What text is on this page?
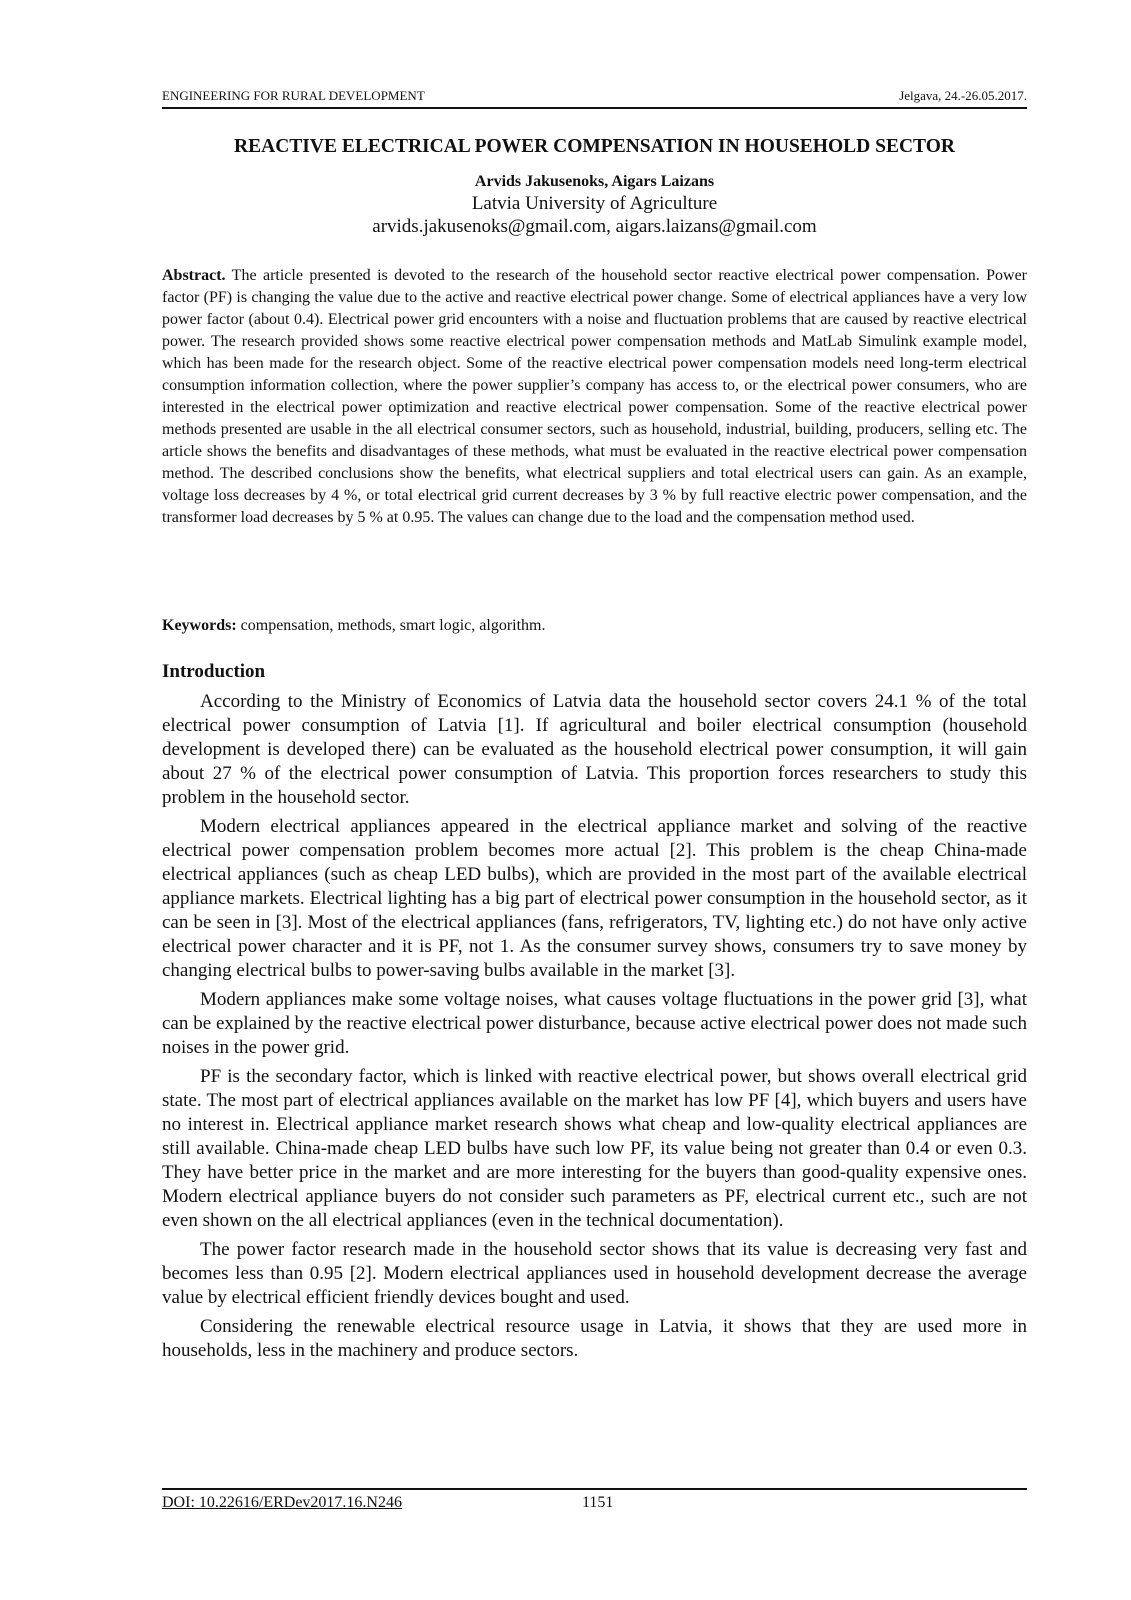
ENGINEERING FOR RURAL DEVELOPMENT	Jelgava, 24.-26.05.2017.
REACTIVE ELECTRICAL POWER COMPENSATION IN HOUSEHOLD SECTOR
Arvids Jakusenoks, Aigars Laizans
Latvia University of Agriculture
arvids.jakusenoks@gmail.com, aigars.laizans@gmail.com

Abstract. The article presented is devoted to the research of the household sector reactive electrical power compensation. Power factor (PF) is changing the value due to the active and reactive electrical power change. Some of electrical appliances have a very low power factor (about 0.4). Electrical power grid encounters with a noise and fluctuation problems that are caused by reactive electrical power. The research provided shows some reactive electrical power compensation methods and MatLab Simulink example model, which has been made for the research object. Some of the reactive electrical power compensation models need long-term electrical consumption information collection, where the power supplier’s company has access to, or the electrical power consumers, who are interested in the electrical power optimization and reactive electrical power compensation. Some of the reactive electrical power methods presented are usable in the all electrical consumer sectors, such as household, industrial, building, producers, selling etc. The article shows the benefits and disadvantages of these methods, what must be evaluated in the reactive electrical power compensation method. The described conclusions show the benefits, what electrical suppliers and total electrical users can gain. As an example, voltage loss decreases by 4 %, or total electrical grid current decreases by 3 % by full reactive electric power compensation, and the transformer load decreases by 5 % at 0.95. The values can change due to the load and the compensation method used.

Keywords: compensation, methods, smart logic, algorithm.

Introduction

According to the Ministry of Economics of Latvia data the household sector covers 24.1 % of the total electrical power consumption of Latvia [1]. If agricultural and boiler electrical consumption (household development is developed there) can be evaluated as the household electrical power consumption, it will gain about 27 % of the electrical power consumption of Latvia. This proportion forces researchers to study this problem in the household sector.

Modern electrical appliances appeared in the electrical appliance market and solving of the reactive electrical power compensation problem becomes more actual [2]. This problem is the cheap China-made electrical appliances (such as cheap LED bulbs), which are provided in the most part of the available electrical appliance markets. Electrical lighting has a big part of electrical power consumption in the household sector, as it can be seen in [3]. Most of the electrical appliances (fans, refrigerators, TV, lighting etc.) do not have only active electrical power character and it is PF, not 1. As the consumer survey shows, consumers try to save money by changing electrical bulbs to power-saving bulbs available in the market [3].

Modern appliances make some voltage noises, what causes voltage fluctuations in the power grid [3], what can be explained by the reactive electrical power disturbance, because active electrical power does not made such noises in the power grid.

PF is the secondary factor, which is linked with reactive electrical power, but shows overall electrical grid state. The most part of electrical appliances available on the market has low PF [4], which buyers and users have no interest in. Electrical appliance market research shows what cheap and low-quality electrical appliances are still available. China-made cheap LED bulbs have such low PF, its value being not greater than 0.4 or even 0.3. They have better price in the market and are more interesting for the buyers than good-quality expensive ones. Modern electrical appliance buyers do not consider such parameters as PF, electrical current etc., such are not even shown on the all electrical appliances (even in the technical documentation).

The power factor research made in the household sector shows that its value is decreasing very fast and becomes less than 0.95 [2]. Modern electrical appliances used in household development decrease the average value by electrical efficient friendly devices bought and used.

Considering the renewable electrical resource usage in Latvia, it shows that they are used more in households, less in the machinery and produce sectors.

DOI: 10.22616/ERDev2017.16.N246	1151
